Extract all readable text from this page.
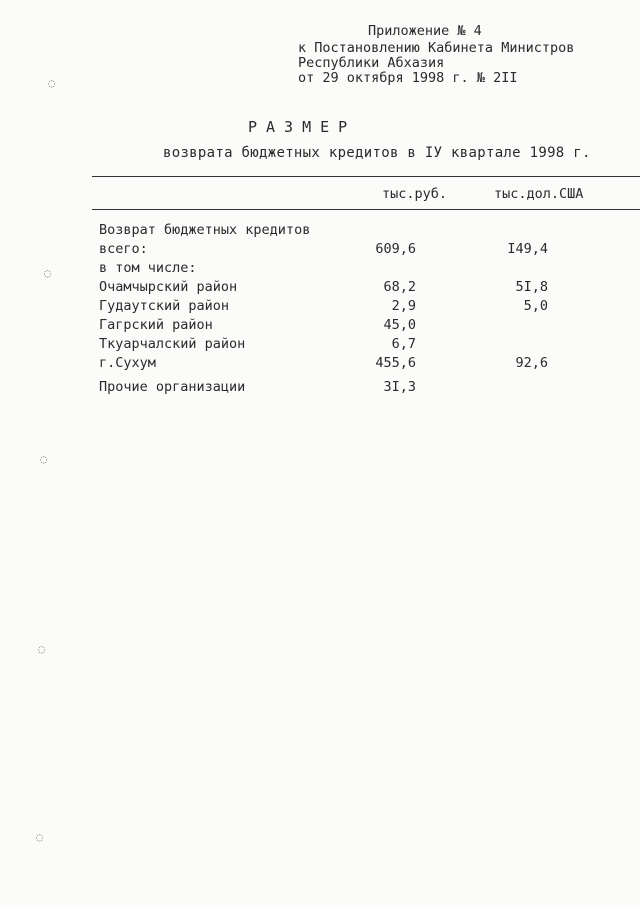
Приложение № 4
к Постановлению Кабинета Министров
Республики Абхазия
от 29 октября 1998 г. № 2II
РАЗМЕР
возврата бюджетных кредитов в IУ квартале 1998 г.
тыс.руб.	тыс.дол.США
Возврат бюджетных кредитов
всего:	609,6	I49,4
в том числе:
Очамчырский район	68,2	5I,8
Гудаутский район	2,9	5,0
Гагрский район	45,0
Ткуарчалский район	6,7
г.Сухум	455,6	92,6
Прочие организации	3I,3
◌
◌
◌
◌
◌
